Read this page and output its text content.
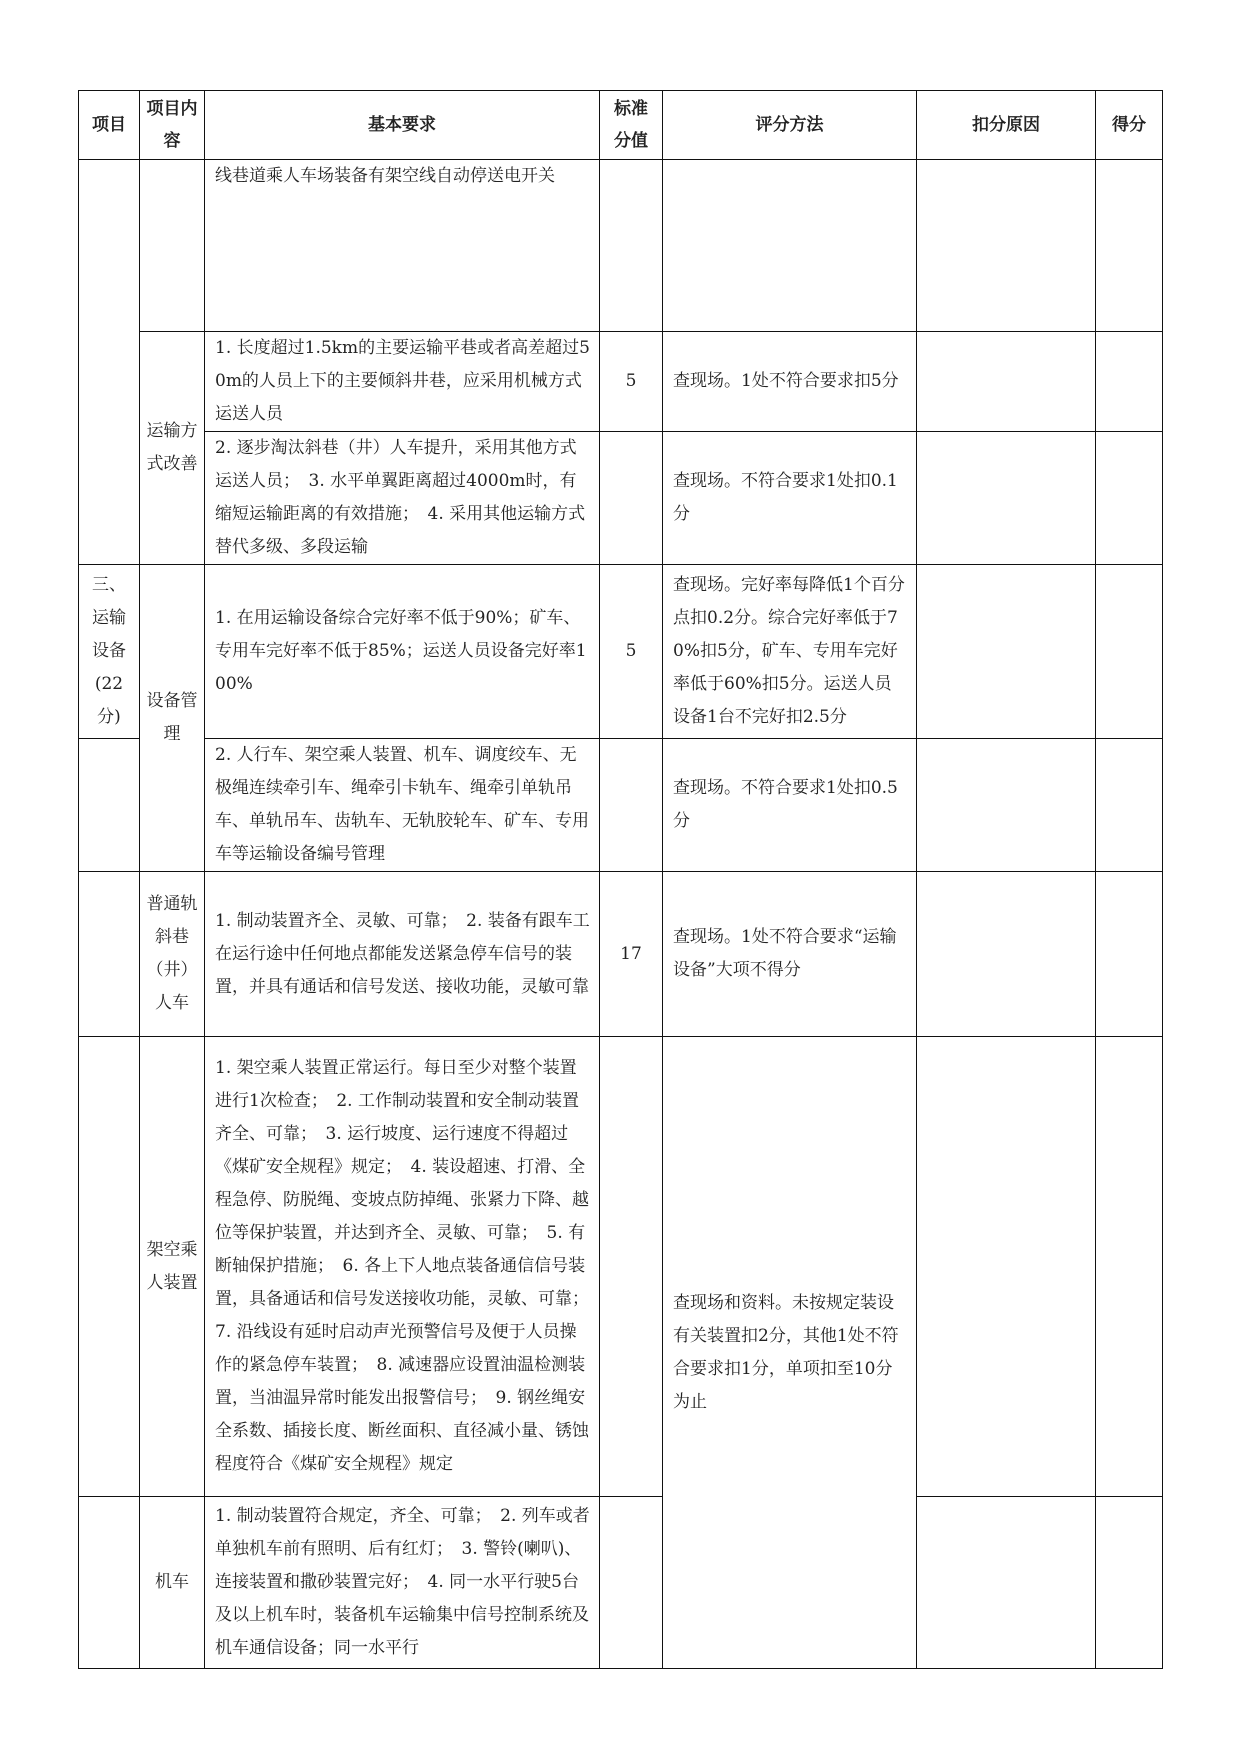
项目	项目内容	基本要求	标准分值	评分方法	扣分原因	得分
		线巷道乘人车场装备有架空线自动停送电开关				
	运输方式改善	1. 长度超过1.5km的主要运输平巷或者高差超过50m的人员上下的主要倾斜井巷，应采用机械方式运送人员	5	查现场。1处不符合要求扣5分		
		2. 逐步淘汰斜巷（井）人车提升，采用其他方式运送人员；　3. 水平单翼距离超过4000m时，有缩短运输距离的有效措施；　4. 采用其他运输方式替代多级、多段运输		查现场。不符合要求1处扣0.1分		
三、运输设备(22分)	设备管理	1. 在用运输设备综合完好率不低于90%；矿车、专用车完好率不低于85%；运送人员设备完好率100%	5	查现场。完好率每降低1个百分点扣0.2分。综合完好率低于70%扣5分，矿车、专用车完好率低于60%扣5分。运送人员设备1台不完好扣2.5分		
		2. 人行车、架空乘人装置、机车、调度绞车、无极绳连续牵引车、绳牵引卡轨车、绳牵引单轨吊车、单轨吊车、齿轨车、无轨胶轮车、矿车、专用车等运输设备编号管理		查现场。不符合要求1处扣0.5分		
	普通轨斜巷（井）人车	1. 制动装置齐全、灵敏、可靠；　2. 装备有跟车工在运行途中任何地点都能发送紧急停车信号的装置，并具有通话和信号发送、接收功能，灵敏可靠	17	查现场。1处不符合要求“运输设备”大项不得分		
	架空乘人装置	1. 架空乘人装置正常运行。每日至少对整个装置进行1次检查；　2. 工作制动装置和安全制动装置齐全、可靠；　3. 运行坡度、运行速度不得超过《煤矿安全规程》规定；　4. 装设超速、打滑、全程急停、防脱绳、变坡点防掉绳、张紧力下降、越位等保护装置，并达到齐全、灵敏、可靠；　5. 有断轴保护措施；　6. 各上下人地点装备通信信号装置，具备通话和信号发送接收功能，灵敏、可靠；　7. 沿线设有延时启动声光预警信号及便于人员操作的紧急停车装置；　8. 减速器应设置油温检测装置，当油温异常时能发出报警信号；　9. 钢丝绳安全系数、插接长度、断丝面积、直径减小量、锈蚀程度符合《煤矿安全规程》规定		查现场和资料。未按规定装设有关装置扣2分，其他1处不符合要求扣1分，单项扣至10分为止		
	机车	1. 制动装置符合规定，齐全、可靠；　2. 列车或者单独机车前有照明、后有红灯；　3. 警铃(喇叭)、连接装置和撒砂装置完好；　4. 同一水平行驶5台及以上机车时，装备机车运输集中信号控制系统及机车通信设备；同一水平行				
